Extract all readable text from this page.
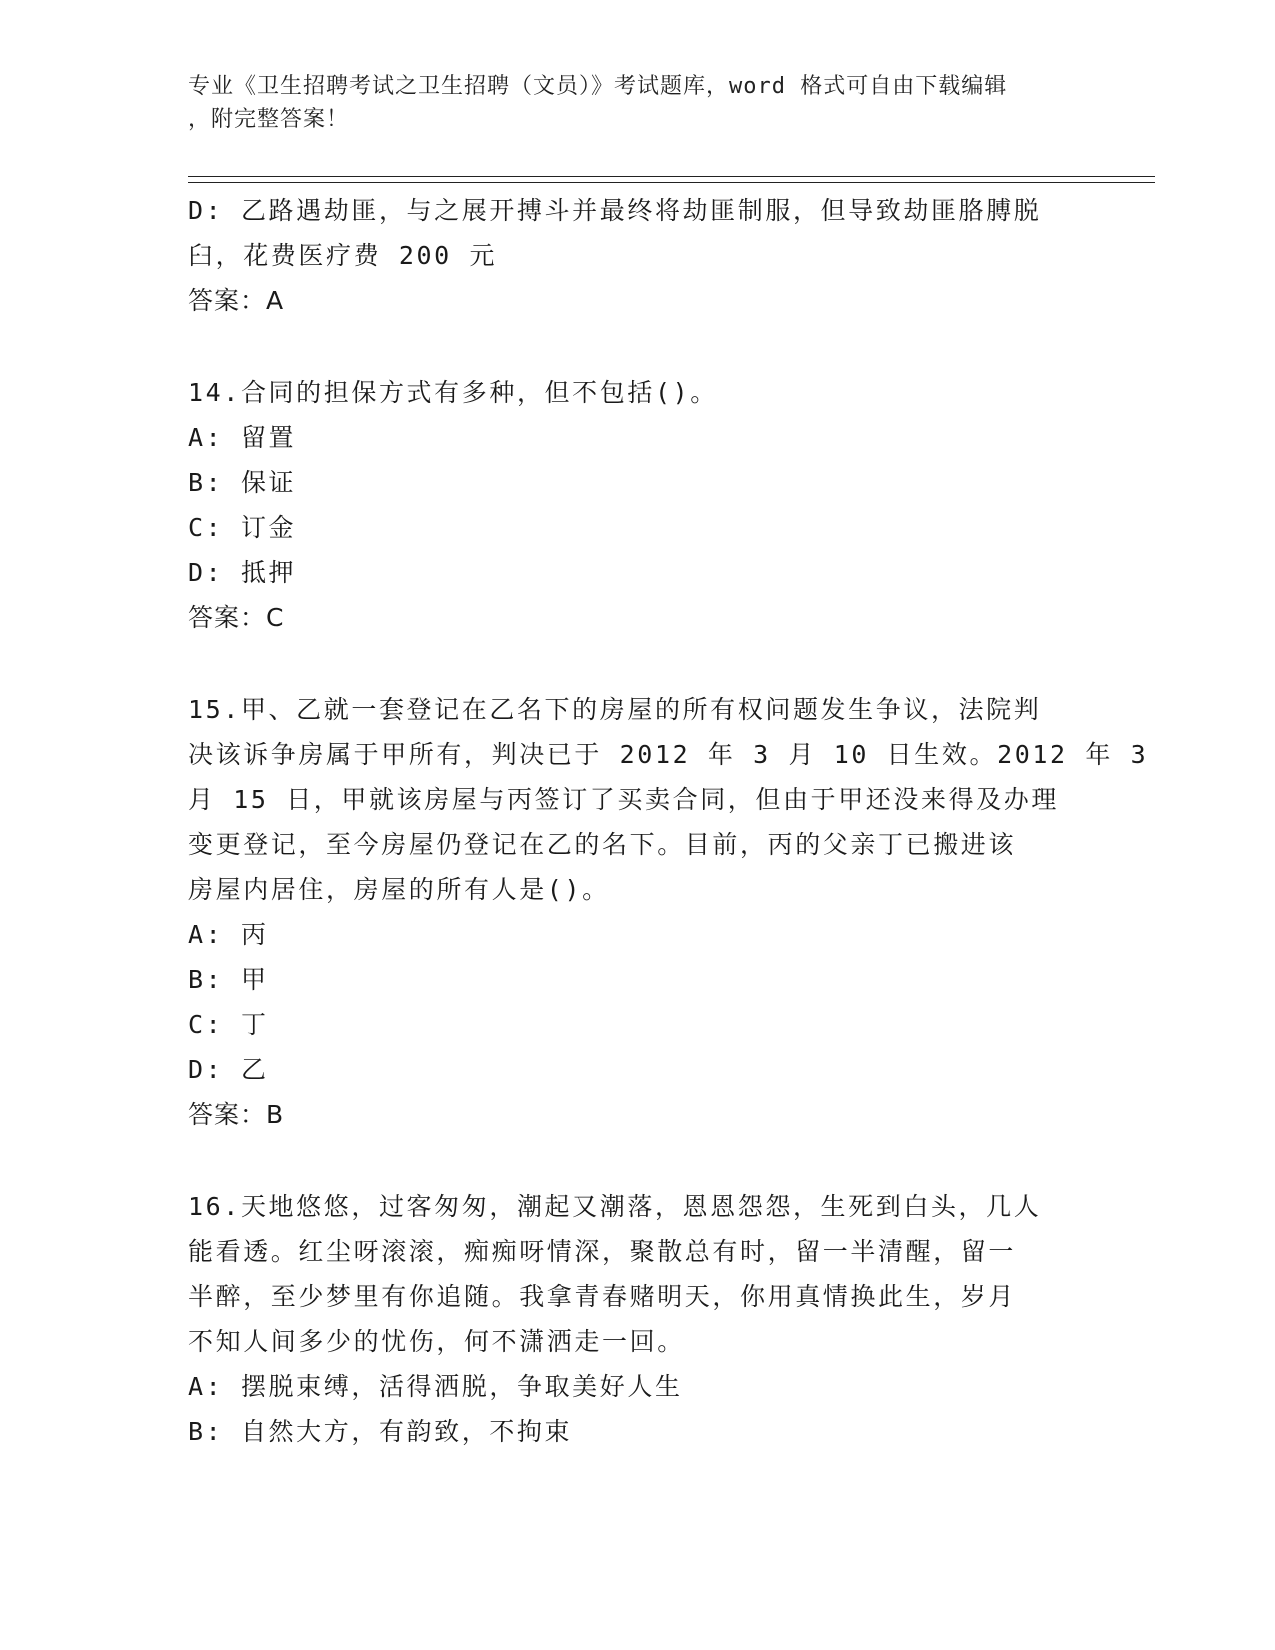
专业《卫生招聘考试之卫生招聘（文员）》考试题库，word 格式可自由下载编辑
，附完整答案！
D: 乙路遇劫匪，与之展开搏斗并最终将劫匪制服，但导致劫匪胳膊脱
臼，花费医疗费 200 元
答案：A
14.合同的担保方式有多种，但不包括()。
A: 留置
B: 保证
C: 订金
D: 抵押
答案：C
15.甲、乙就一套登记在乙名下的房屋的所有权问题发生争议，法院判
决该诉争房属于甲所有，判决已于 2012 年 3 月 10 日生效。2012 年 3
月 15 日，甲就该房屋与丙签订了买卖合同，但由于甲还没来得及办理
变更登记，至今房屋仍登记在乙的名下。目前，丙的父亲丁已搬进该
房屋内居住，房屋的所有人是()。
A: 丙
B: 甲
C: 丁
D: 乙
答案：B
16.天地悠悠，过客匆匆，潮起又潮落，恩恩怨怨，生死到白头，几人
能看透。红尘呀滚滚，痴痴呀情深，聚散总有时，留一半清醒，留一
半醉，至少梦里有你追随。我拿青春赌明天，你用真情换此生，岁月
不知人间多少的忧伤，何不潇洒走一回。
A: 摆脱束缚，活得洒脱，争取美好人生
B: 自然大方，有韵致，不拘束
